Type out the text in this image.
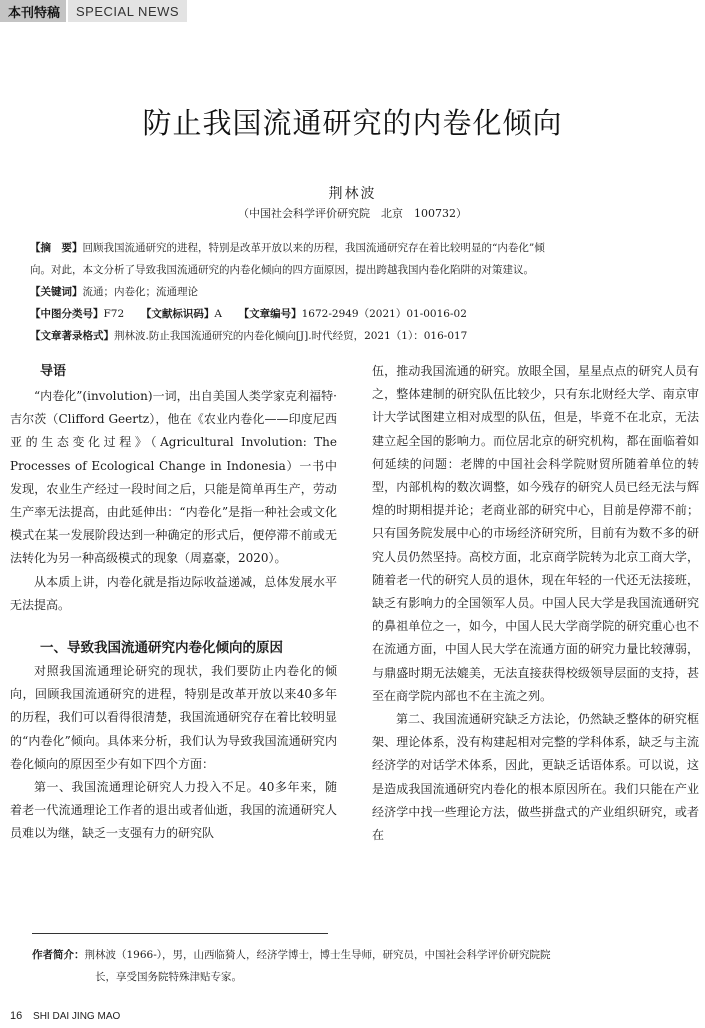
本刊特稿	SPECIAL NEWS
防止我国流通研究的内卷化倾向
荆林波
（中国社会科学评价研究院　北京　100732）
【摘　要】回顾我国流通研究的进程，特别是改革开放以来的历程，我国流通研究存在着比较明显的“内卷化”倾
向。对此，本文分析了导致我国流通研究的内卷化倾向的四方面原因，提出跨越我国内卷化陷阱的对策建议。
【关键词】流通；内卷化；流通理论
【中图分类号】F72 【文献标识码】A 【文章编号】1672-2949（2021）01-0016-02
【文章著录格式】荆林波.防止我国流通研究的内卷化倾向[J].时代经贸，2021（1）：016-017
导语

“内卷化”(involution)一词，出自美国人类学家克利福特·吉尔茨（Clifford Geertz），他在《农业内卷化——印度尼西亚的生态变化过程》（Agricultural Involution: The Processes of Ecological Change in Indonesia）一书中发现，农业生产经过一段时间之后，只能是简单再生产，劳动生产率无法提高，由此延伸出：“内卷化”是指一种社会或文化模式在某一发展阶段达到一种确定的形式后，便停滞不前或无法转化为另一种高级模式的现象（周嘉豪，2020）。

从本质上讲，内卷化就是指边际收益递减，总体发展水平无法提高。

一、导致我国流通研究内卷化倾向的原因

对照我国流通理论研究的现状，我们要防止内卷化的倾向，回顾我国流通研究的进程，特别是改革开放以来40多年的历程，我们可以看得很清楚，我国流通研究存在着比较明显的“内卷化”倾向。具体来分析，我们认为导致我国流通研究内卷化倾向的原因至少有如下四个方面：

第一、我国流通理论研究人力投入不足。40多年来，随着老一代流通理论工作者的退出或者仙逝，我国的流通研究人员难以为继，缺乏一支强有力的研究队

伍，推动我国流通的研究。放眼全国，星星点点的研究人员有之，整体建制的研究队伍比较少，只有东北财经大学、南京审计大学试图建立相对成型的队伍，但是，毕竟不在北京，无法建立起全国的影响力。而位居北京的研究机构，都在面临着如何延续的问题：老牌的中国社会科学院财贸所随着单位的转型，内部机构的数次调整，如今残存的研究人员已经无法与辉煌的时期相提并论；老商业部的研究中心，目前是停滞不前；只有国务院发展中心的市场经济研究所，目前有为数不多的研究人员仍然坚持。高校方面，北京商学院转为北京工商大学，随着老一代的研究人员的退休，现在年轻的一代还无法接班，缺乏有影响力的全国领军人员。中国人民大学是我国流通研究的鼻祖单位之一，如今，中国人民大学商学院的研究重心也不在流通方面，中国人民大学在流通方面的研究力量比较薄弱，与鼎盛时期无法媲美，无法直接获得校级领导层面的支持，甚至在商学院内部也不在主流之列。

第二、我国流通研究缺乏方法论，仍然缺乏整体的研究框架、理论体系，没有构建起相对完整的学科体系，缺乏与主流经济学的对话学术体系，因此，更缺乏话语体系。可以说，这是造成我国流通研究内卷化的根本原因所在。我们只能在产业经济学中找一些理论方法，做些拼盘式的产业组织研究，或者在

作者简介：荆林波（1966-），男，山西临猗人，经济学博士，博士生导师，研究员，中国社会科学评价研究院院
长，享受国务院特殊津贴专家。
16 SHI DAI JING MAO
